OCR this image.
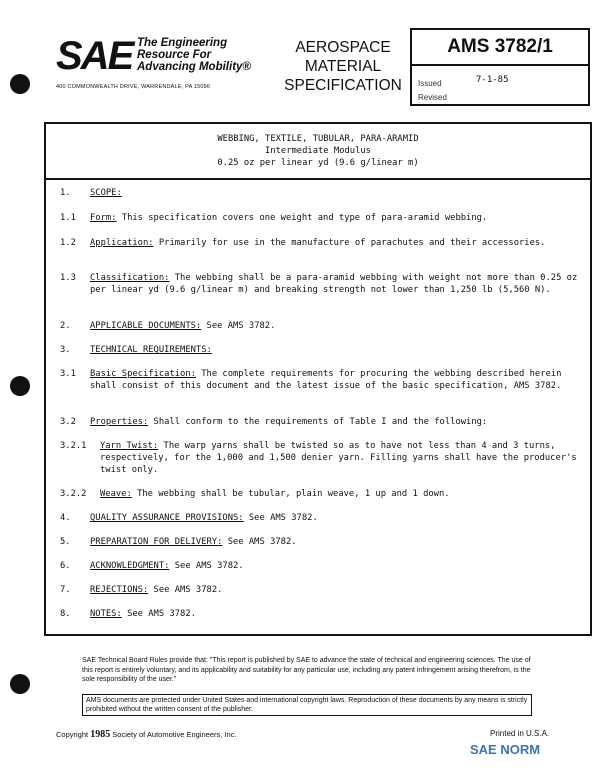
SAE The Engineering
Resource For
Advancing Mobility®
400 COMMONWEALTH DRIVE, WARRENDALE, PA 15096
AEROSPACE
MATERIAL
SPECIFICATION
AMS 3782/1
Issued	7-1-85
Revised
WEBBING, TEXTILE, TUBULAR, PARA-ARAMID
Intermediate Modulus
0.25 oz per linear yd (9.6 g/linear m)
1. SCOPE:
1.1 Form: This specification covers one weight and type of para-aramid webbing.
1.2 Application: Primarily for use in the manufacture of parachutes and their accessories.
1.3 Classification: The webbing shall be a para-aramid webbing with weight not more than 0.25 oz per linear yd (9.6 g/linear m) and breaking strength not lower than 1,250 lb (5,560 N).
2. APPLICABLE DOCUMENTS: See AMS 3782.
3. TECHNICAL REQUIREMENTS:
3.1 Basic Specification: The complete requirements for procuring the webbing described herein shall consist of this document and the latest issue of the basic specification, AMS 3782.
3.2 Properties: Shall conform to the requirements of Table I and the following:
3.2.1 Yarn Twist: The warp yarns shall be twisted so as to have not less than 4 and 3 turns, respectively, for the 1,000 and 1,500 denier yarn. Filling yarns shall have the producer's twist only.
3.2.2 Weave: The webbing shall be tubular, plain weave, 1 up and 1 down.
4. QUALITY ASSURANCE PROVISIONS: See AMS 3782.
5. PREPARATION FOR DELIVERY: See AMS 3782.
6. ACKNOWLEDGMENT: See AMS 3782.
7. REJECTIONS: See AMS 3782.
8. NOTES: See AMS 3782.
SAE Technical Board Rules provide that: "This report is published by SAE to advance the state of technical and engineering sciences. The use of this report is entirely voluntary, and its applicability and suitability for any particular use, including any patent infringement arising therefrom, is the sole responsibility of the user."
AMS documents are protected under United States and international copyright laws. Reproduction of these documents by any means is strictly prohibited without the written consent of the publisher.
Copyright 1985 Society of Automotive Engineers, Inc.	Printed in U.S.A.
SAE NORM
